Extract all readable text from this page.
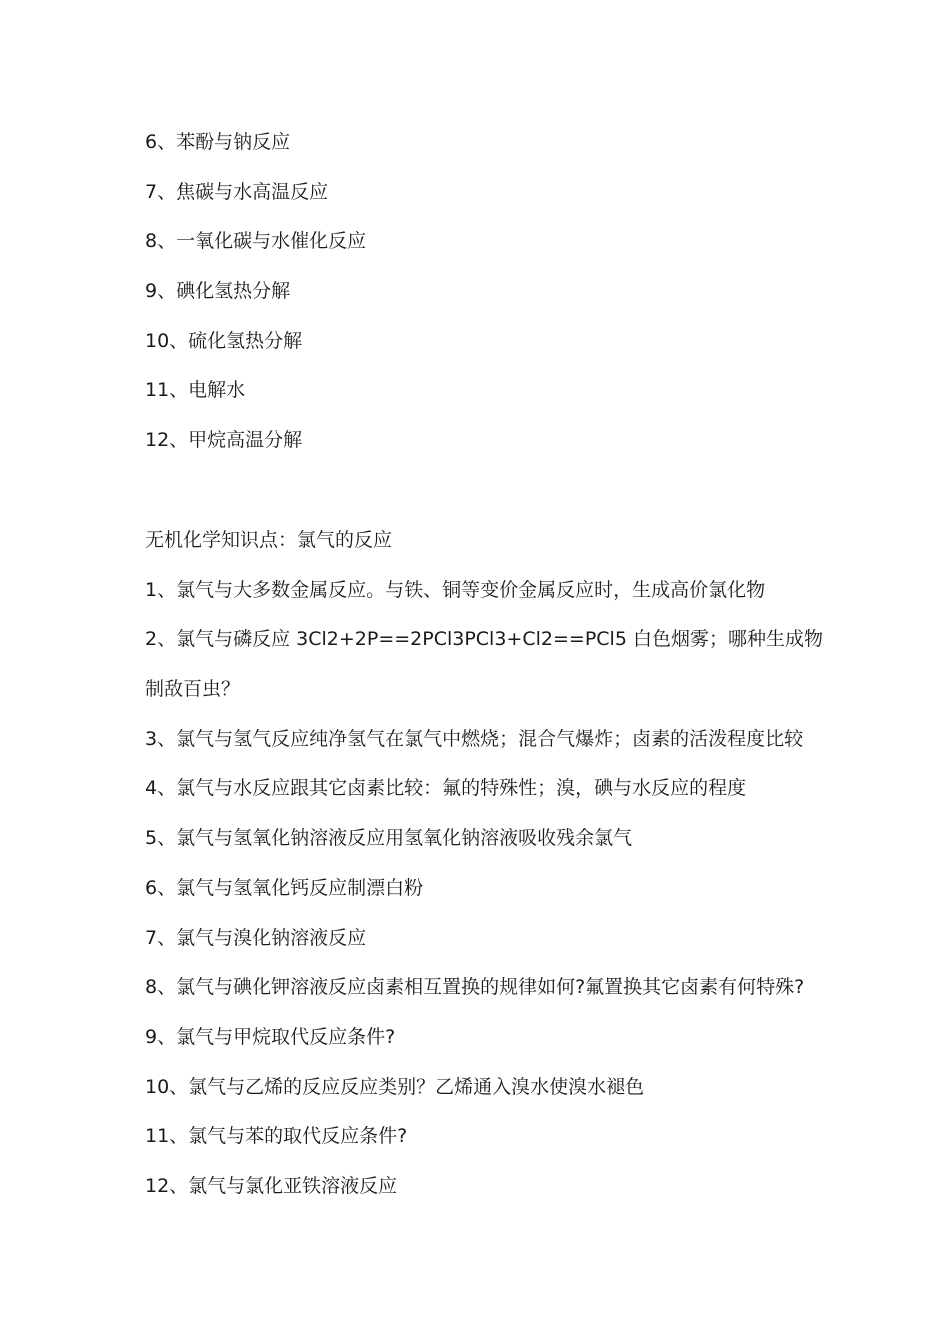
6、苯酚与钠反应
7、焦碳与水高温反应
8、一氧化碳与水催化反应
9、碘化氢热分解
10、硫化氢热分解
11、电解水
12、甲烷高温分解
无机化学知识点：氯气的反应
1、氯气与大多数金属反应。与铁、铜等变价金属反应时，生成高价氯化物
2、氯气与磷反应 3Cl2+2P==2PCl3PCl3+Cl2==PCl5 白色烟雾；哪种生成物
制敌百虫？
3、氯气与氢气反应纯净氢气在氯气中燃烧；混合气爆炸；卤素的活泼程度比较
4、氯气与水反应跟其它卤素比较：氟的特殊性；溴，碘与水反应的程度
5、氯气与氢氧化钠溶液反应用氢氧化钠溶液吸收残余氯气
6、氯气与氢氧化钙反应制漂白粉
7、氯气与溴化钠溶液反应
8、氯气与碘化钾溶液反应卤素相互置换的规律如何?氟置换其它卤素有何特殊?
9、氯气与甲烷取代反应条件?
10、氯气与乙烯的反应反应类别？乙烯通入溴水使溴水褪色
11、氯气与苯的取代反应条件?
12、氯气与氯化亚铁溶液反应
